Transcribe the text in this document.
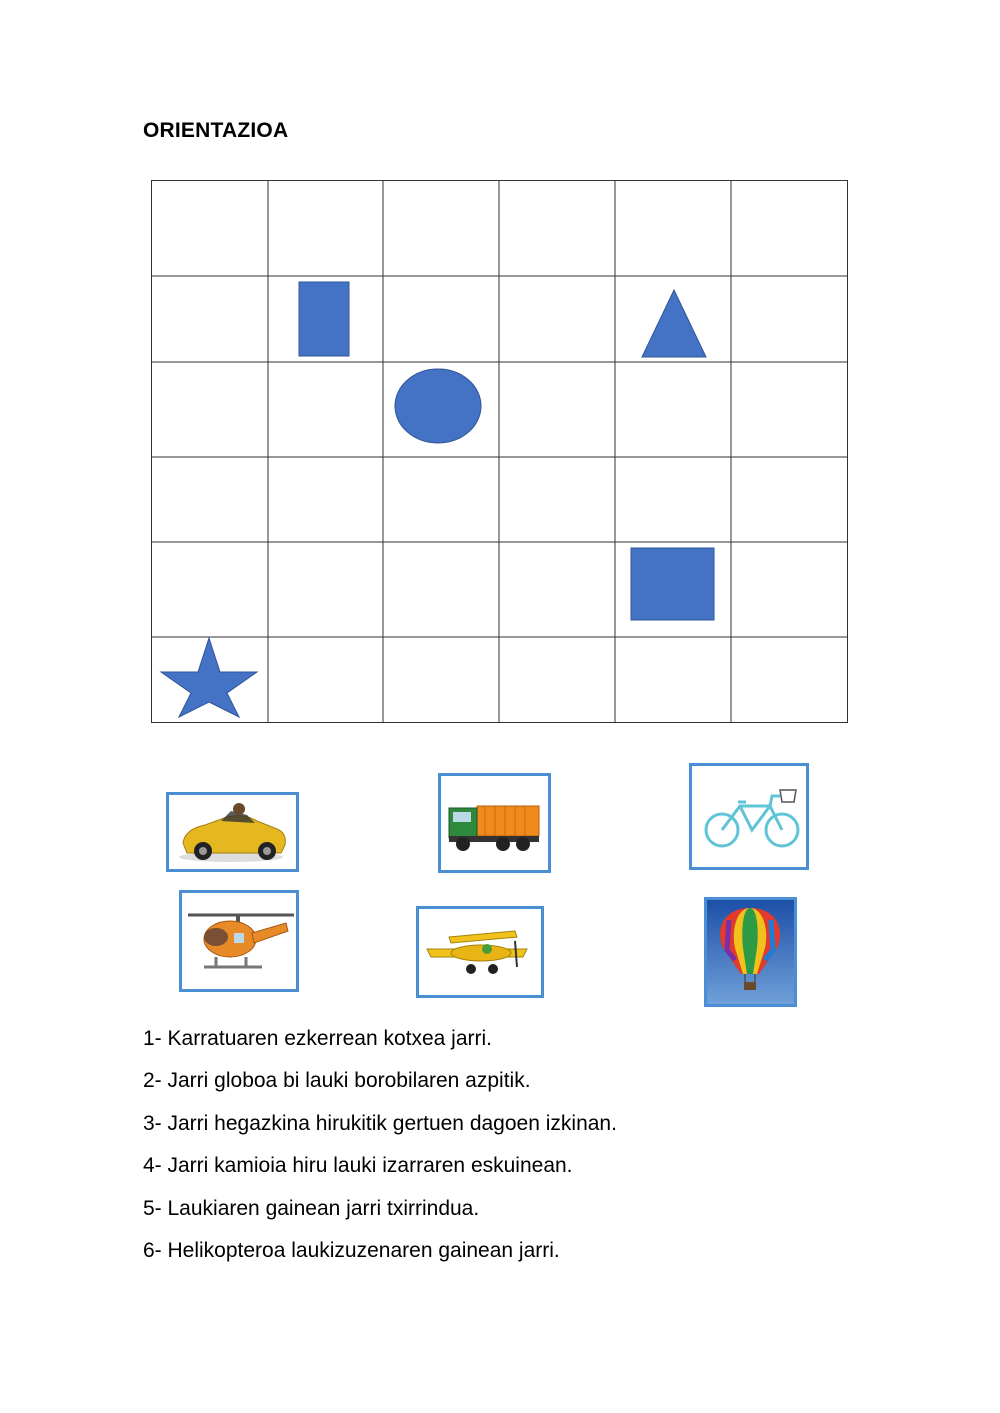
ORIENTAZIOA
1- Karratuaren ezkerrean kotxea jarri.
2- Jarri globoa bi lauki borobilaren azpitik.
3- Jarri hegazkina hirukitik gertuen dagoen izkinan.
4- Jarri kamioia hiru lauki izarraren eskuinean.
5- Laukiaren gainean jarri txirrindua.
6- Helikopteroa laukizuzenaren gainean jarri.
